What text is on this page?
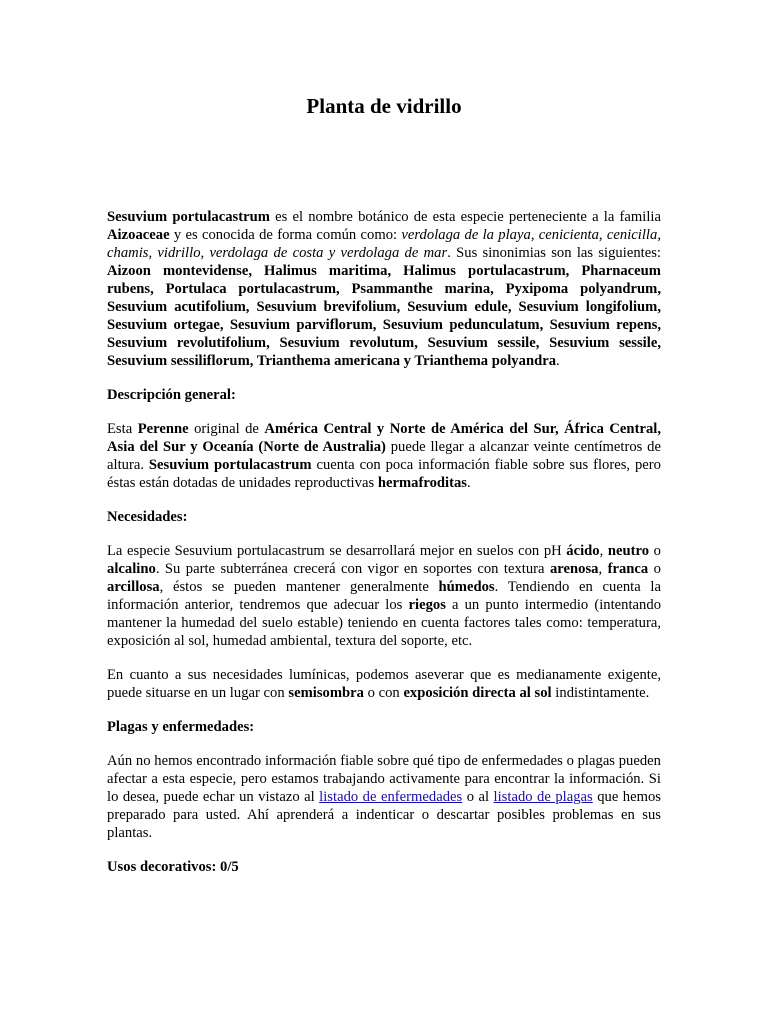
Planta de vidrillo

Sesuvium portulacastrum es el nombre botánico de esta especie perteneciente a la familia Aizoaceae y es conocida de forma común como: verdolaga de la playa, cenicienta, cenicilla, chamis, vidrillo, verdolaga de costa y verdolaga de mar. Sus sinonimias son las siguientes: Aizoon montevidense, Halimus maritima, Halimus portulacastrum, Pharnaceum rubens, Portulaca portulacastrum, Psammanthe marina, Pyxipoma polyandrum, Sesuvium acutifolium, Sesuvium brevifolium, Sesuvium edule, Sesuvium longifolium, Sesuvium ortegae, Sesuvium parviflorum, Sesuvium pedunculatum, Sesuvium repens, Sesuvium revolutifolium, Sesuvium revolutum, Sesuvium sessile, Sesuvium sessile, Sesuvium sessiliflorum, Trianthema americana y Trianthema polyandra.

Descripción general:

Esta Perenne original de América Central y Norte de América del Sur, África Central, Asia del Sur y Oceanía (Norte de Australia) puede llegar a alcanzar veinte centímetros de altura. Sesuvium portulacastrum cuenta con poca información fiable sobre sus flores, pero éstas están dotadas de unidades reproductivas hermafroditas.

Necesidades:

La especie Sesuvium portulacastrum se desarrollará mejor en suelos con pH ácido, neutro o alcalino. Su parte subterránea crecerá con vigor en soportes con textura arenosa, franca o arcillosa, éstos se pueden mantener generalmente húmedos. Tendiendo en cuenta la información anterior, tendremos que adecuar los riegos a un punto intermedio (intentando mantener la humedad del suelo estable) teniendo en cuenta factores tales como: temperatura, exposición al sol, humedad ambiental, textura del soporte, etc.

En cuanto a sus necesidades lumínicas, podemos aseverar que es medianamente exigente, puede situarse en un lugar con semisombra o con exposición directa al sol indistintamente.

Plagas y enfermedades:

Aún no hemos encontrado información fiable sobre qué tipo de enfermedades o plagas pueden afectar a esta especie, pero estamos trabajando activamente para encontrar la información. Si lo desea, puede echar un vistazo al listado de enfermedades o al listado de plagas que hemos preparado para usted. Ahí aprenderá a indenticar o descartar posibles problemas en sus plantas.

Usos decorativos: 0/5
